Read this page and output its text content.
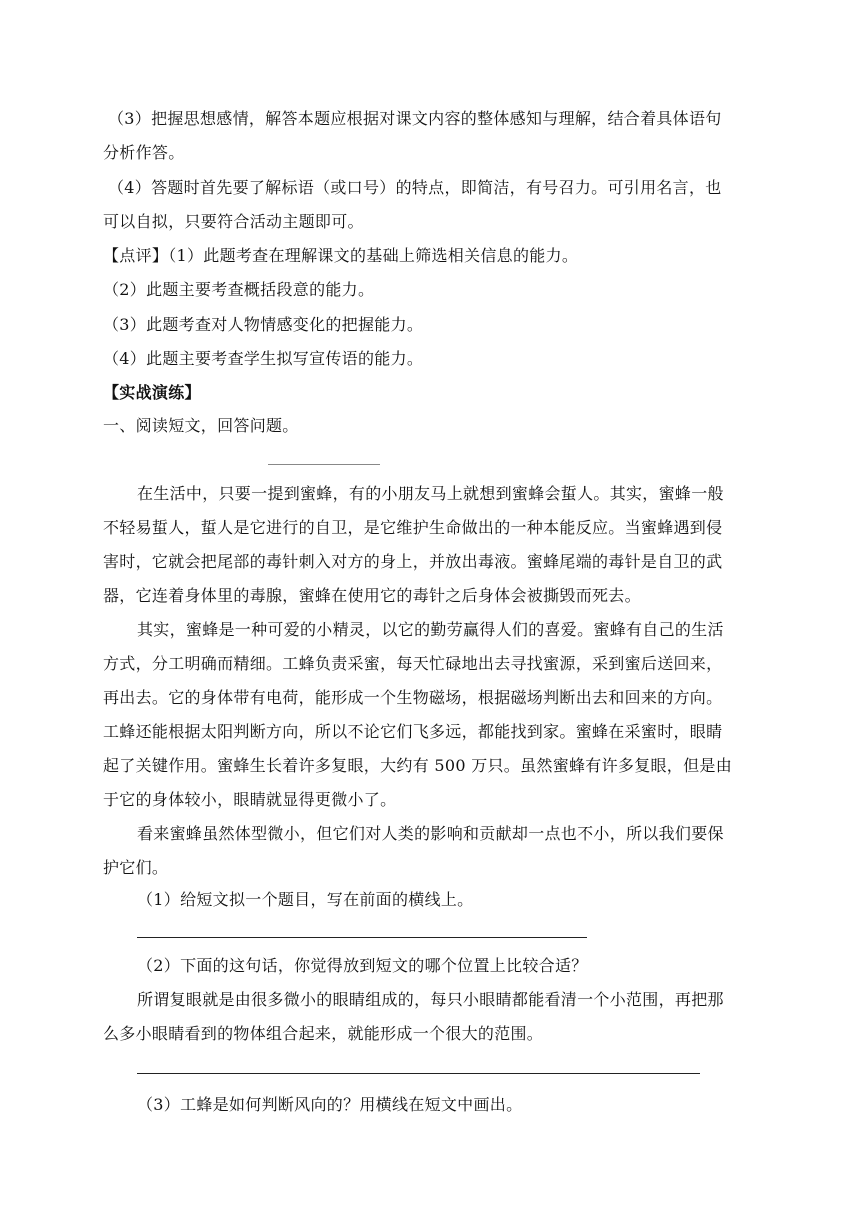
（3）把握思想感情，解答本题应根据对课文内容的整体感知与理解，结合着具体语句
分析作答。
（4）答题时首先要了解标语（或口号）的特点，即简洁，有号召力。可引用名言，也
可以自拟，只要符合活动主题即可。
【点评】（1）此题考查在理解课文的基础上筛选相关信息的能力。
（2）此题主要考查概括段意的能力。
（3）此题考查对人物情感变化的把握能力。
（4）此题主要考查学生拟写宣传语的能力。
【实战演练】
一、阅读短文，回答问题。
在生活中，只要一提到蜜蜂，有的小朋友马上就想到蜜蜂会蜇人。其实，蜜蜂一般
不轻易蜇人，蜇人是它进行的自卫，是它维护生命做出的一种本能反应。当蜜蜂遇到侵
害时，它就会把尾部的毒针刺入对方的身上，并放出毒液。蜜蜂尾端的毒针是自卫的武
器，它连着身体里的毒腺，蜜蜂在使用它的毒针之后身体会被撕毁而死去。
其实，蜜蜂是一种可爱的小精灵，以它的勤劳赢得人们的喜爱。蜜蜂有自己的生活
方式，分工明确而精细。工蜂负责采蜜，每天忙碌地出去寻找蜜源，采到蜜后送回来，
再出去。它的身体带有电荷，能形成一个生物磁场，根据磁场判断出去和回来的方向。
工蜂还能根据太阳判断方向，所以不论它们飞多远，都能找到家。蜜蜂在采蜜时，眼睛
起了关键作用。蜜蜂生长着许多复眼，大约有 500 万只。虽然蜜蜂有许多复眼，但是由
于它的身体较小，眼睛就显得更微小了。
看来蜜蜂虽然体型微小，但它们对人类的影响和贡献却一点也不小，所以我们要保
护它们。
（1）给短文拟一个题目，写在前面的横线上。
（2）下面的这句话，你觉得放到短文的哪个位置上比较合适？
所谓复眼就是由很多微小的眼睛组成的，每只小眼睛都能看清一个小范围，再把那
么多小眼睛看到的物体组合起来，就能形成一个很大的范围。
（3）工蜂是如何判断风向的？用横线在短文中画出。
